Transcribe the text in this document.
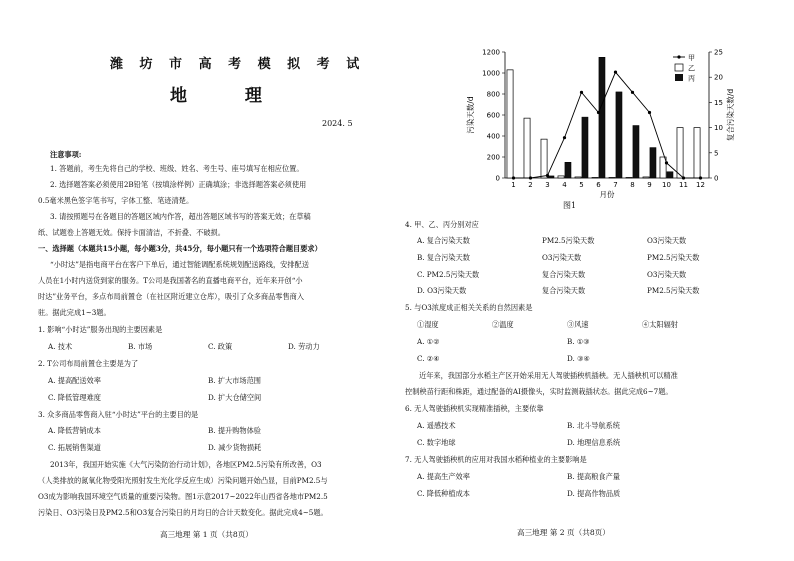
潍 坊 市 高 考 模 拟 考 试
地 理
2024. 5
注意事项:
1. 答题前，考生先将自己的学校、班级、姓名、考生号、座号填写在相应位置。
2. 选择题答案必须使用2B铅笔（按填涂样例）正确填涂；非选择题答案必须使用
0.5毫米黑色签字笔书写，字体工整、笔迹清楚。
3. 请按照题号在各题目的答题区域内作答，超出答题区域书写的答案无效；在草稿
纸、试题卷上答题无效。保持卡面清洁，不折叠、不破损。
一、选择题（本题共15小题，每小题3分，共45分，每小题只有一个选项符合题目要求）
“小时达”是指电商平台在客户下单后，通过智能调配系统规划配送路线，安排配送
人员在1小时内送货到家的服务。T公司是我国著名的直播电商平台，近年来开创“小
时达”业务平台，多点布局前置仓（在社区附近建立仓库），吸引了众多商品零售商入
驻。据此完成1~3题。
1. 影响“小时达”服务出现的主要因素是
A. 技术	B. 市场	C. 政策	D. 劳动力
2. T公司布局前置仓主要是为了
A. 提高配送效率	B. 扩大市场范围
C. 降低管理难度	D. 扩大仓储空间
3. 众多商品零售商入驻“小时达”平台的主要目的是
A. 降低营销成本	B. 提升购物体验
C. 拓展销售渠道	D. 减少货物损耗
2013年，我国开始实施《大气污染防治行动计划》，各地区PM2.5污染有所改善，O3
（人类排放的氮氧化物受阳光照射发生光化学反应生成）污染问题开始凸显，目前PM2.5与
O3成为影响我国环境空气质量的重要污染物。图1示意2017~2022年山西省各地市PM2.5
污染日、O3污染日及PM2.5和O3复合污染日的月均日的合计天数变化。据此完成4~5题。
高三地理 第 1 页（共8页）
0
200
400
600
800
1000
1200
0
5
10
15
20
25
1 2 3 4 5 6 7 8 9 10 11 12
污染天数/d	复合污染天数/d
月份
甲
乙
丙
图1
4. 甲、乙、丙分别对应
A. 复合污染天数	PM2.5污染天数	O3污染天数
B. 复合污染天数	O3污染天数	PM2.5污染天数
C. PM2.5污染天数	复合污染天数	O3污染天数
D. O3污染天数	复合污染天数	PM2.5污染天数
5. 与O3浓度成正相关关系的自然因素是
①湿度	②温度	③风速	④太阳辐射
A. ①②	B. ①③
C. ②④	D. ③④
近年来，我国部分水稻主产区开始采用无人驾驶插秧机插秧。无人插秧机可以精准
控制秧苗行距和株距，通过配备的AI摄像头，实时监测栽插状态。据此完成6~7题。
6. 无人驾驶插秧机实现精准插秧，主要依靠
A. 遥感技术	B. 北斗导航系统
C. 数字地球	D. 地理信息系统
7. 无人驾驶插秧机的应用对我国水稻种植业的主要影响是
A. 提高生产效率	B. 提高粮食产量
C. 降低种植成本	D. 提高作物品质
高三地理 第 2 页（共8页）
